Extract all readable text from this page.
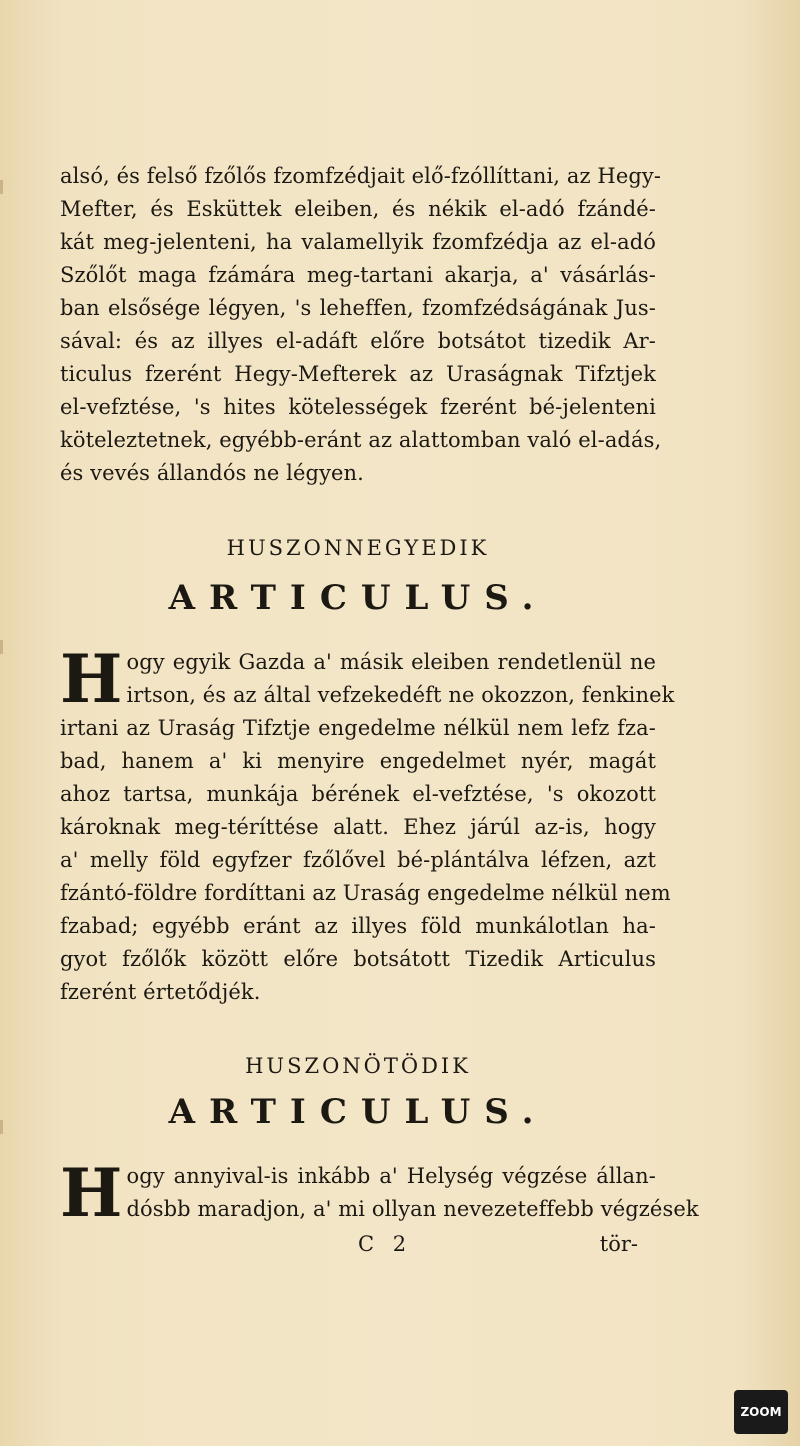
alsó, és felső fzőlős fzomfzédjait elő-fzóllíttani, az Hegy-
Mefter, és Esküttek eleiben, és nékik el-adó fzándé-
kát meg-jelenteni, ha valamellyik fzomfzédja az el-adó
Szőlőt maga fzámára meg-tartani akarja, a' vásárlás-
ban elsősége légyen, 's leheffen, fzomfzédságának Jus-
sával: és az illyes el-adáft előre botsátot tizedik Ar-
ticulus fzerént Hegy-Mefterek az Uraságnak Tifztjek
el-vefztése, 's hites kötelességek fzerént bé-jelenteni
köteleztetnek, egyébb-eránt az alattomban való el-adás,
és vevés állandós ne légyen.
HUSZONNEGYEDIK
ARTICULUS.
H ogy egyik Gazda a' másik eleiben rendetlenül ne
irtson, és az által vefzekedéft ne okozzon, fenkinek
irtani az Uraság Tifztje engedelme nélkül nem lefz fza-
bad, hanem a' ki menyire engedelmet nyér, magát
ahoz tartsa, munkája bérének el-vefztése, 's okozott
károknak meg-téríttése alatt. Ehez járúl az-is, hogy
a' melly föld egyfzer fzőlővel bé-plántálva léfzen, azt
fzántó-földre fordíttani az Uraság engedelme nélkül nem
fzabad; egyébb eránt az illyes föld munkálotlan ha-
gyot fzőlők között előre botsátott Tizedik Articulus
fzerént értetődjék.
HUSZONÖTÖDIK
ARTICULUS.
H ogy annyival-is inkább a' Helység végzése állan-
dósbb maradjon, a' mi ollyan nevezeteffebb végzések
C 2	tör-
ZOOM
